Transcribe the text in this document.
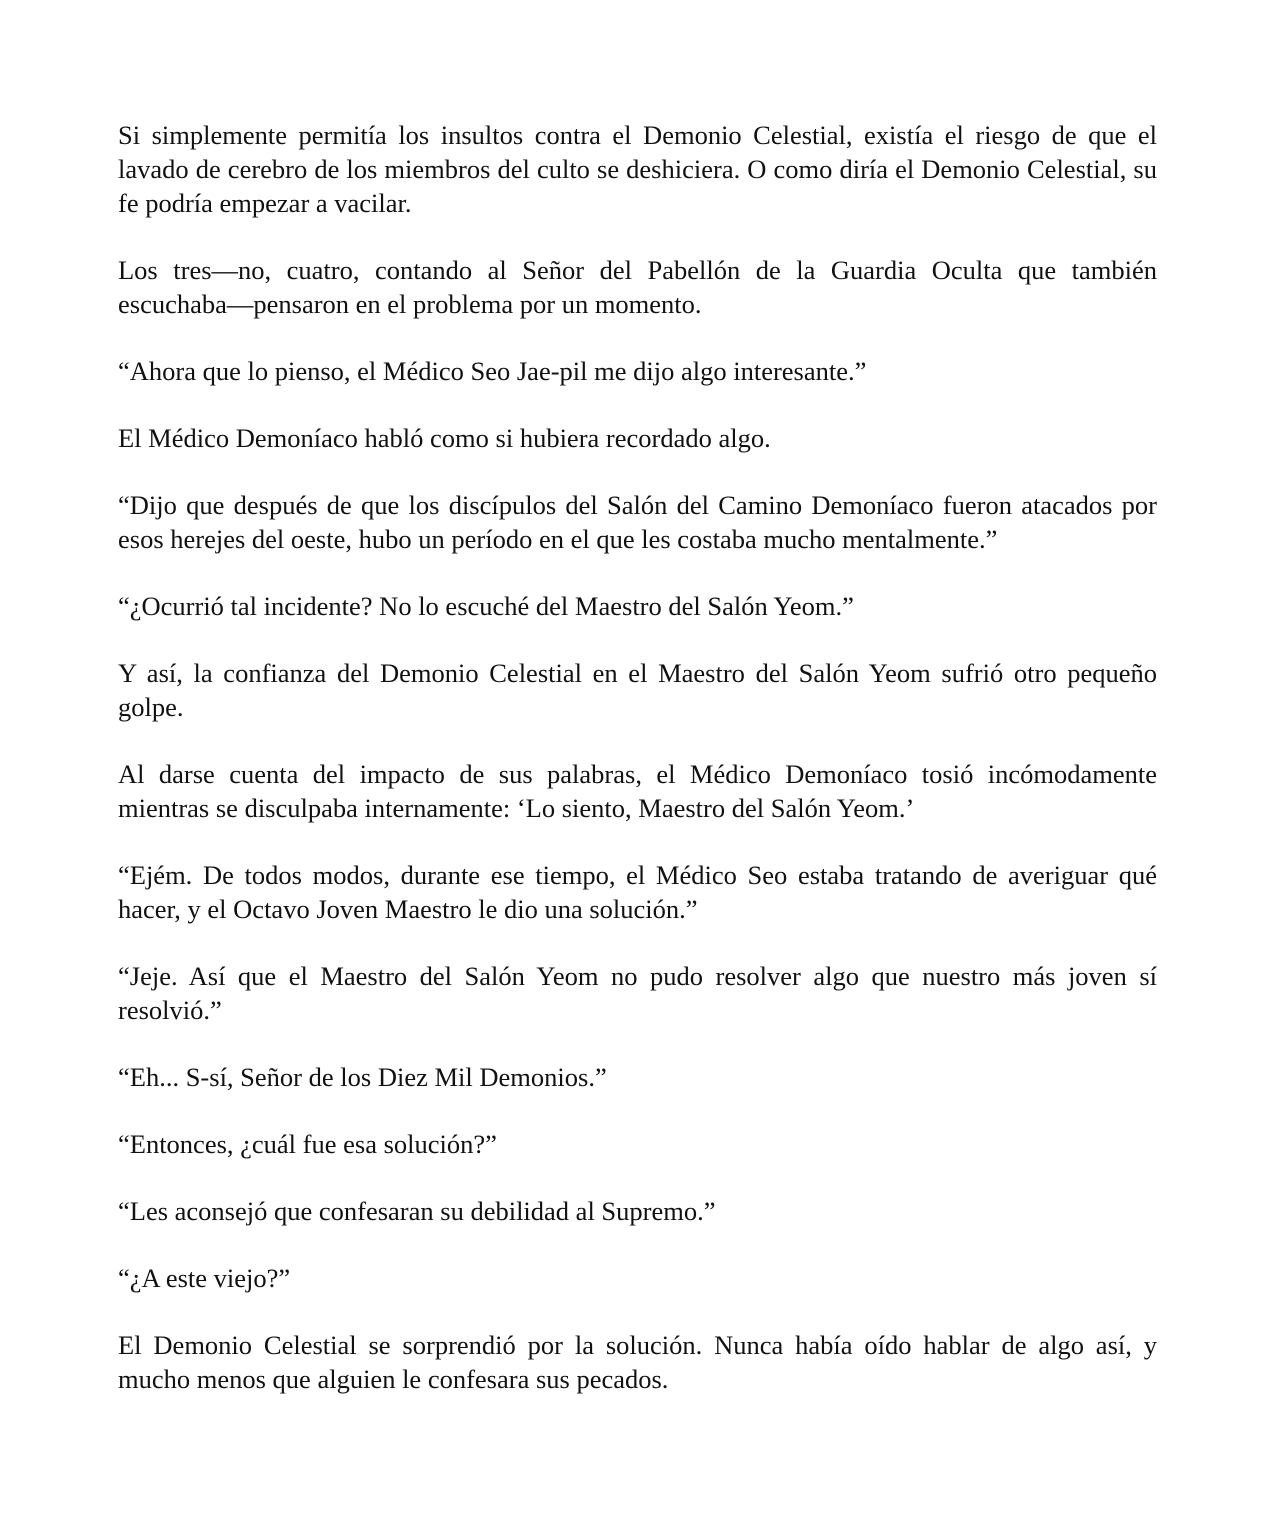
Si simplemente permitía los insultos contra el Demonio Celestial, existía el riesgo de que el lavado de cerebro de los miembros del culto se deshiciera. O como diría el Demonio Celestial, su fe podría empezar a vacilar.

Los tres—no, cuatro, contando al Señor del Pabellón de la Guardia Oculta que también escuchaba—pensaron en el problema por un momento.

“Ahora que lo pienso, el Médico Seo Jae-pil me dijo algo interesante.”

El Médico Demoníaco habló como si hubiera recordado algo.

“Dijo que después de que los discípulos del Salón del Camino Demoníaco fueron atacados por esos herejes del oeste, hubo un período en el que les costaba mucho mentalmente.”

“¿Ocurrió tal incidente? No lo escuché del Maestro del Salón Yeom.”

Y así, la confianza del Demonio Celestial en el Maestro del Salón Yeom sufrió otro pequeño golpe.

Al darse cuenta del impacto de sus palabras, el Médico Demoníaco tosió incómodamente mientras se disculpaba internamente: ‘Lo siento, Maestro del Salón Yeom.’

“Ejém. De todos modos, durante ese tiempo, el Médico Seo estaba tratando de averiguar qué hacer, y el Octavo Joven Maestro le dio una solución.”

“Jeje. Así que el Maestro del Salón Yeom no pudo resolver algo que nuestro más joven sí resolvió.”

“Eh... S-sí, Señor de los Diez Mil Demonios.”

“Entonces, ¿cuál fue esa solución?”

“Les aconsejó que confesaran su debilidad al Supremo.”

“¿A este viejo?”

El Demonio Celestial se sorprendió por la solución. Nunca había oído hablar de algo así, y mucho menos que alguien le confesara sus pecados.
